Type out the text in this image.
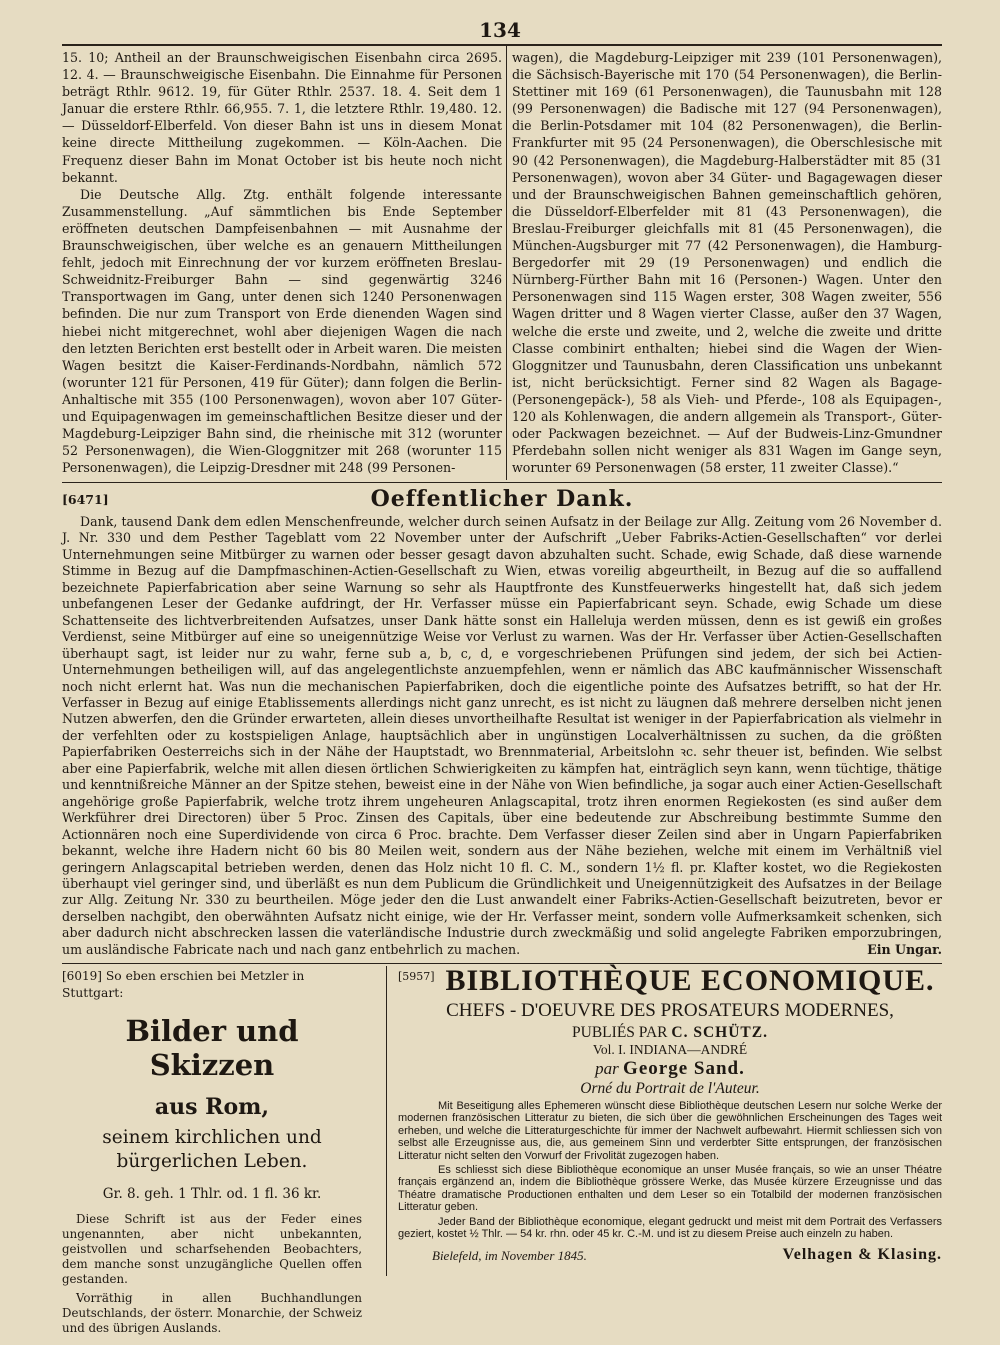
134

15. 10; Antheil an der Braunschweigischen Eisenbahn circa 2695. 12. 4. — Braunschweigische Eisenbahn. Die Einnahme für Personen beträgt Rthlr. 9612. 19, für Güter Rthlr. 2537. 18. 4. Seit dem 1 Januar die erstere Rthlr. 66,955. 7. 1, die letztere Rthlr. 19,480. 12. — Düsseldorf-Elberfeld. Von dieser Bahn ist uns in diesem Monat keine directe Mittheilung zugekommen. — Köln-Aachen. Die Frequenz dieser Bahn im Monat October ist bis heute noch nicht bekannt.

Die Deutsche Allg. Ztg. enthält folgende interessante Zusammenstellung. „Auf sämmtlichen bis Ende September eröffneten deutschen Dampfeisenbahnen — mit Ausnahme der Braunschweigischen, über welche es an genauern Mittheilungen fehlt, jedoch mit Einrechnung der vor kurzem eröffneten Breslau-Schweidnitz-Freiburger Bahn — sind gegenwärtig 3246 Transportwagen im Gang, unter denen sich 1240 Personenwagen befinden. Die nur zum Transport von Erde dienenden Wagen sind hiebei nicht mitgerechnet, wohl aber diejenigen Wagen die nach den letzten Berichten erst bestellt oder in Arbeit waren. Die meisten Wagen besitzt die Kaiser-Ferdinands-Nordbahn, nämlich 572 (worunter 121 für Personen, 419 für Güter); dann folgen die Berlin-Anhaltische mit 355 (100 Personenwagen), wovon aber 107 Güter- und Equipagenwagen im gemeinschaftlichen Besitze dieser und der Magdeburg-Leipziger Bahn sind, die rheinische mit 312 (worunter 52 Personenwagen), die Wien-Gloggnitzer mit 268 (worunter 115 Personenwagen), die Leipzig-Dresdner mit 248 (99 Personen-

wagen), die Magdeburg-Leipziger mit 239 (101 Personenwagen), die Sächsisch-Bayerische mit 170 (54 Personenwagen), die Berlin-Stettiner mit 169 (61 Personenwagen), die Taunusbahn mit 128 (99 Personenwagen) die Badische mit 127 (94 Personenwagen), die Berlin-Potsdamer mit 104 (82 Personenwagen), die Berlin-Frankfurter mit 95 (24 Personenwagen), die Oberschlesische mit 90 (42 Personenwagen), die Magdeburg-Halberstädter mit 85 (31 Personenwagen), wovon aber 34 Güter- und Bagagewagen dieser und der Braunschweigischen Bahnen gemeinschaftlich gehören, die Düsseldorf-Elberfelder mit 81 (43 Personenwagen), die Breslau-Freiburger gleichfalls mit 81 (45 Personenwagen), die München-Augsburger mit 77 (42 Personenwagen), die Hamburg-Bergedorfer mit 29 (19 Personenwagen) und endlich die Nürnberg-Fürther Bahn mit 16 (Personen-) Wagen. Unter den Personenwagen sind 115 Wagen erster, 308 Wagen zweiter, 556 Wagen dritter und 8 Wagen vierter Classe, außer den 37 Wagen, welche die erste und zweite, und 2, welche die zweite und dritte Classe combinirt enthalten; hiebei sind die Wagen der Wien-Gloggnitzer und Taunusbahn, deren Classification uns unbekannt ist, nicht berücksichtigt. Ferner sind 82 Wagen als Bagage- (Personengepäck-), 58 als Vieh- und Pferde-, 108 als Equipagen-, 120 als Kohlenwagen, die andern allgemein als Transport-, Güter- oder Packwagen bezeichnet. — Auf der Budweis-Linz-Gmundner Pferdebahn sollen nicht weniger als 831 Wagen im Gange seyn, worunter 69 Personenwagen (58 erster, 11 zweiter Classe).“

[6471]	Oeffentlicher Dank.

Dank, tausend Dank dem edlen Menschenfreunde, welcher durch seinen Aufsatz in der Beilage zur Allg. Zeitung vom 26 November d. J. Nr. 330 und dem Pesther Tageblatt vom 22 November unter der Aufschrift „Ueber Fabriks-Actien-Gesellschaften“ vor derlei Unternehmungen seine Mitbürger zu warnen oder besser gesagt davon abzuhalten sucht. Schade, ewig Schade, daß diese warnende Stimme in Bezug auf die Dampfmaschinen-Actien-Gesellschaft zu Wien, etwas voreilig abgeurtheilt, in Bezug auf die so auffallend bezeichnete Papierfabrication aber seine Warnung so sehr als Hauptfronte des Kunstfeuerwerks hingestellt hat, daß sich jedem unbefangenen Leser der Gedanke aufdringt, der Hr. Verfasser müsse ein Papierfabricant seyn. Schade, ewig Schade um diese Schattenseite des lichtverbreitenden Aufsatzes, unser Dank hätte sonst ein Halleluja werden müssen, denn es ist gewiß ein großes Verdienst, seine Mitbürger auf eine so uneigennützige Weise vor Verlust zu warnen. Was der Hr. Verfasser über Actien-Gesellschaften überhaupt sagt, ist leider nur zu wahr, ferne sub a, b, c, d, e vorgeschriebenen Prüfungen sind jedem, der sich bei Actien-Unternehmungen betheiligen will, auf das angelegentlichste anzuempfehlen, wenn er nämlich das ABC kaufmännischer Wissenschaft noch nicht erlernt hat. Was nun die mechanischen Papierfabriken, doch die eigentliche pointe des Aufsatzes betrifft, so hat der Hr. Verfasser in Bezug auf einige Etablissements allerdings nicht ganz unrecht, es ist nicht zu läugnen daß mehrere derselben nicht jenen Nutzen abwerfen, den die Gründer erwarteten, allein dieses unvortheilhafte Resultat ist weniger in der Papierfabrication als vielmehr in der verfehlten oder zu kostspieligen Anlage, hauptsächlich aber in ungünstigen Localverhältnissen zu suchen, da die größten Papierfabriken Oesterreichs sich in der Nähe der Hauptstadt, wo Brennmaterial, Arbeitslohn ꝛc. sehr theuer ist, befinden. Wie selbst aber eine Papierfabrik, welche mit allen diesen örtlichen Schwierigkeiten zu kämpfen hat, einträglich seyn kann, wenn tüchtige, thätige und kenntnißreiche Männer an der Spitze stehen, beweist eine in der Nähe von Wien befindliche, ja sogar auch einer Actien-Gesellschaft angehörige große Papierfabrik, welche trotz ihrem ungeheuren Anlagscapital, trotz ihren enormen Regiekosten (es sind außer dem Werkführer drei Directoren) über 5 Proc. Zinsen des Capitals, über eine bedeutende zur Abschreibung bestimmte Summe den Actionnären noch eine Superdividende von circa 6 Proc. brachte. Dem Verfasser dieser Zeilen sind aber in Ungarn Papierfabriken bekannt, welche ihre Hadern nicht 60 bis 80 Meilen weit, sondern aus der Nähe beziehen, welche mit einem im Verhältniß viel geringern Anlagscapital betrieben werden, denen das Holz nicht 10 fl. C. M., sondern 1½ fl. pr. Klafter kostet, wo die Regiekosten überhaupt viel geringer sind, und überläßt es nun dem Publicum die Gründlichkeit und Uneigennützigkeit des Aufsatzes in der Beilage zur Allg. Zeitung Nr. 330 zu beurtheilen. Möge jeder den die Lust anwandelt einer Fabriks-Actien-Gesellschaft beizutreten, bevor er derselben nachgibt, den oberwähnten Aufsatz nicht einige, wie der Hr. Verfasser meint, sondern volle Aufmerksamkeit schenken, sich aber dadurch nicht abschrecken lassen die vaterländische Industrie durch zweckmäßig und solid angelegte Fabriken emporzubringen, um ausländische Fabricate nach und nach ganz entbehrlich zu machen.	Ein Ungar.

[6019] So eben erschien bei Metzler in Stuttgart:
Bilder und Skizzen
aus Rom,
seinem kirchlichen und bürgerlichen Leben.
Gr. 8. geh. 1 Thlr. od. 1 fl. 36 kr.
Diese Schrift ist aus der Feder eines ungenannten, aber nicht unbekannten, geistvollen und scharfsehenden Beobachters, dem manche sonst unzugängliche Quellen offen gestanden.
Vorräthig in allen Buchhandlungen Deutschlands, der österr. Monarchie, der Schweiz und des übrigen Auslands.
[5957] BIBLIOTHÈQUE ECONOMIQUE.
CHEFS - D'OEUVRE DES PROSATEURS MODERNES,
PUBLIÉS PAR C. SCHÜTZ.
Vol. I. INDIANA—ANDRÉ
par George Sand.
Orné du Portrait de l'Auteur.
Mit Beseitigung alles Ephemeren wünscht diese Bibliothèque deutschen Lesern nur solche Werke der modernen französischen Litteratur zu bieten, die sich über die gewöhnlichen Erscheinungen des Tages weit erheben, und welche die Litteraturgeschichte für immer der Nachwelt aufbewahrt. Hiermit schliessen sich von selbst alle Erzeugnisse aus, die, aus gemeinem Sinn und verderbter Sitte entsprungen, der französischen Litteratur nicht selten den Vorwurf der Frivolität zugezogen haben.
Es schliesst sich diese Bibliothèque economique an unser Musée français, so wie an unser Théatre français ergänzend an, indem die Bibliothèque grössere Werke, das Musée kürzere Erzeugnisse und das Théatre dramatische Productionen enthalten und dem Leser so ein Totalbild der modernen französischen Litteratur geben.
Jeder Band der Bibliothèque economique, elegant gedruckt und meist mit dem Portrait des Verfassers geziert, kostet ½ Thlr. — 54 kr. rhn. oder 45 kr. C.-M. und ist zu diesem Preise auch einzeln zu haben.
Bielefeld, im November 1845.	Velhagen & Klasing.
